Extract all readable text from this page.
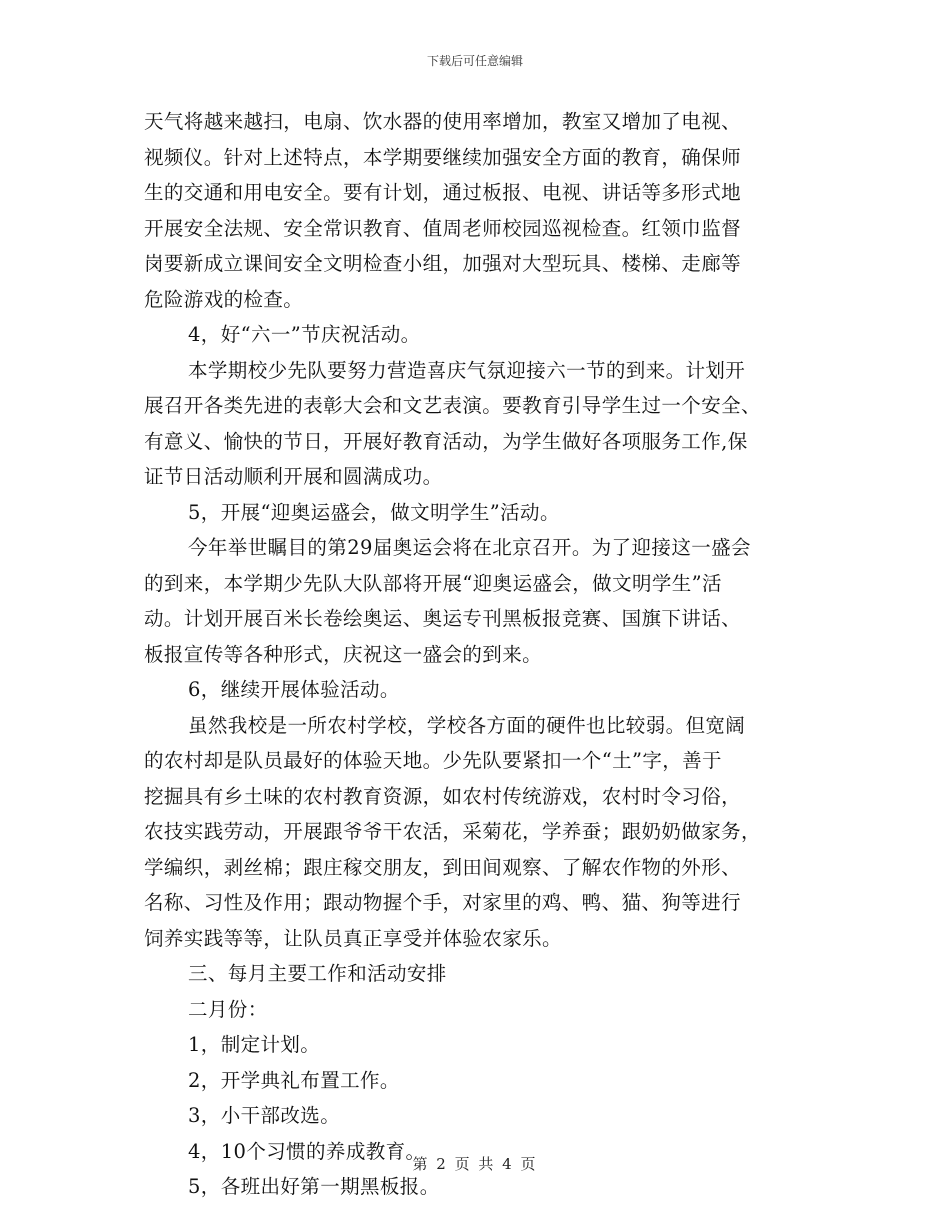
下载后可任意编辑
天气将越来越扫，电扇、饮水器的使用率增加，教室又增加了电视、
视频仪。针对上述特点，本学期要继续加强安全方面的教育，确保师
生的交通和用电安全。要有计划，通过板报、电视、讲话等多形式地
开展安全法规、安全常识教育、值周老师校园巡视检查。红领巾监督
岗要新成立课间安全文明检查小组，加强对大型玩具、楼梯、走廊等
危险游戏的检查。
4，好“六一”节庆祝活动。
本学期校少先队要努力营造喜庆气氛迎接六一节的到来。计划开
展召开各类先进的表彰大会和文艺表演。要教育引导学生过一个安全、
有意义、愉快的节日，开展好教育活动，为学生做好各项服务工作,保
证节日活动顺利开展和圆满成功。
5，开展“迎奥运盛会，做文明学生”活动。
今年举世瞩目的第29届奥运会将在北京召开。为了迎接这一盛会
的到来，本学期少先队大队部将开展“迎奥运盛会，做文明学生”活
动。计划开展百米长卷绘奥运、奥运专刊黑板报竞赛、国旗下讲话、
板报宣传等各种形式，庆祝这一盛会的到来。
6，继续开展体验活动。
虽然我校是一所农村学校，学校各方面的硬件也比较弱。但宽阔
的农村却是队员最好的体验天地。少先队要紧扣一个“土”字，善于
挖掘具有乡土味的农村教育资源，如农村传统游戏，农村时令习俗，
农技实践劳动，开展跟爷爷干农活，采菊花，学养蚕；跟奶奶做家务，
学编织，剥丝棉；跟庄稼交朋友，到田间观察、了解农作物的外形、
名称、习性及作用；跟动物握个手，对家里的鸡、鸭、猫、狗等进行
饲养实践等等，让队员真正享受并体验农家乐。
三、每月主要工作和活动安排
二月份：
1，制定计划。
2，开学典礼布置工作。
3，小干部改选。
4，10个习惯的养成教育。
5，各班出好第一期黑板报。
第 2 页 共 4 页
